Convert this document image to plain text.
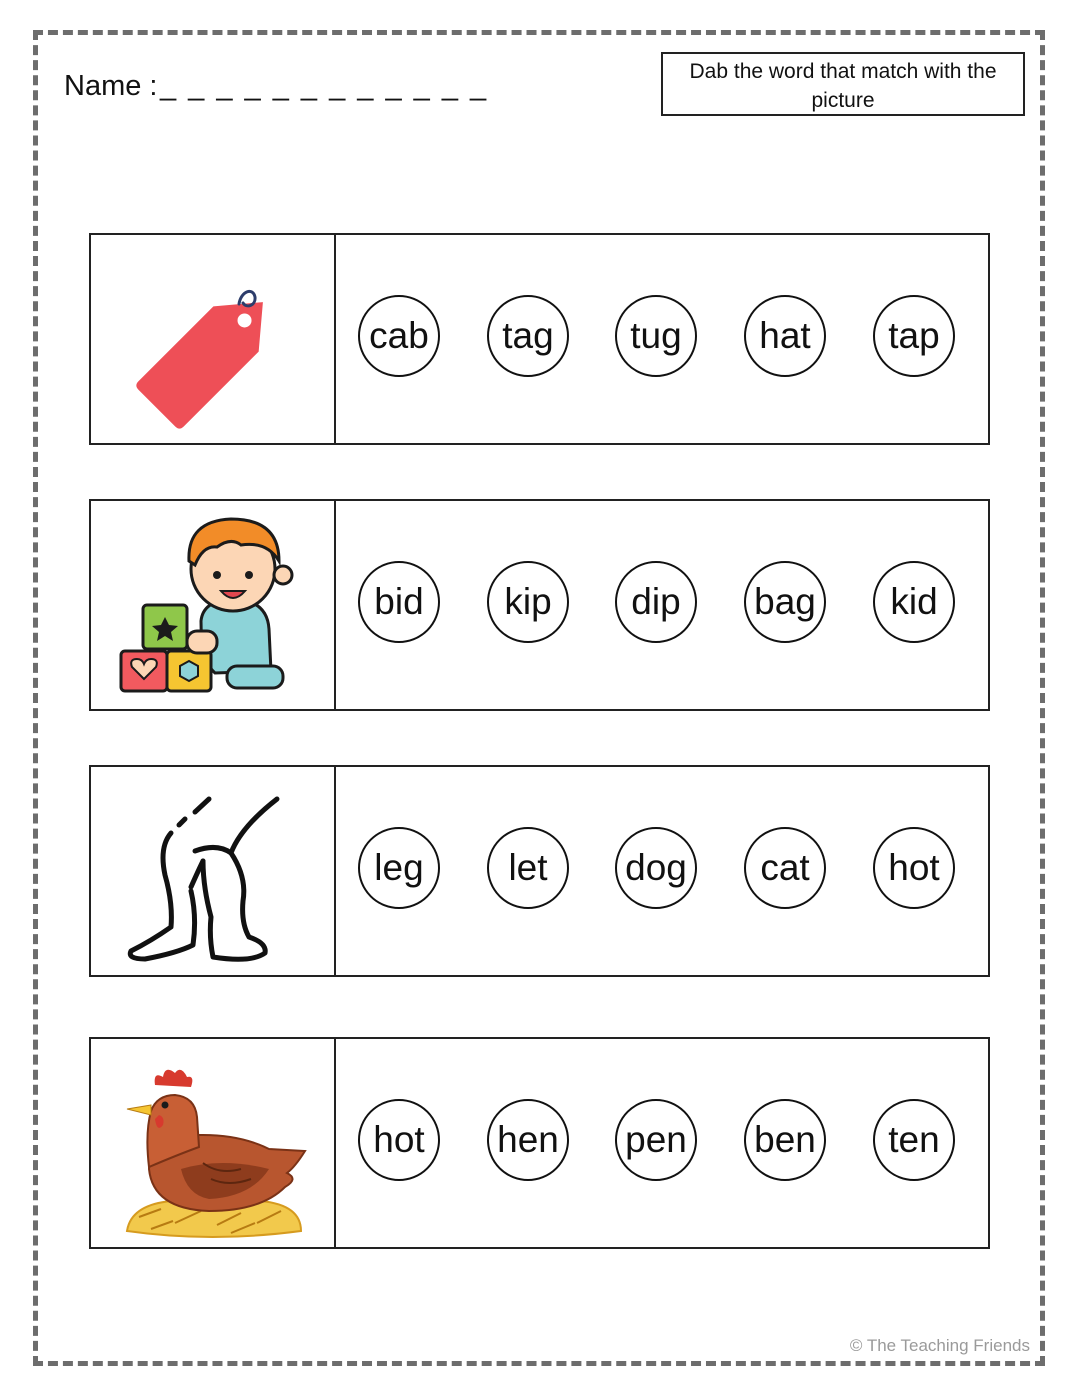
Name : _ _ _ _ _ _ _ _ _ _ _ _	Dab the word that match with the picture
cab	tag	tug	hat	tap
bid	kip	dip	bag	kid
leg	let	dog	cat	hot
hot	hen pen ben	ten
© The Teaching Friends
